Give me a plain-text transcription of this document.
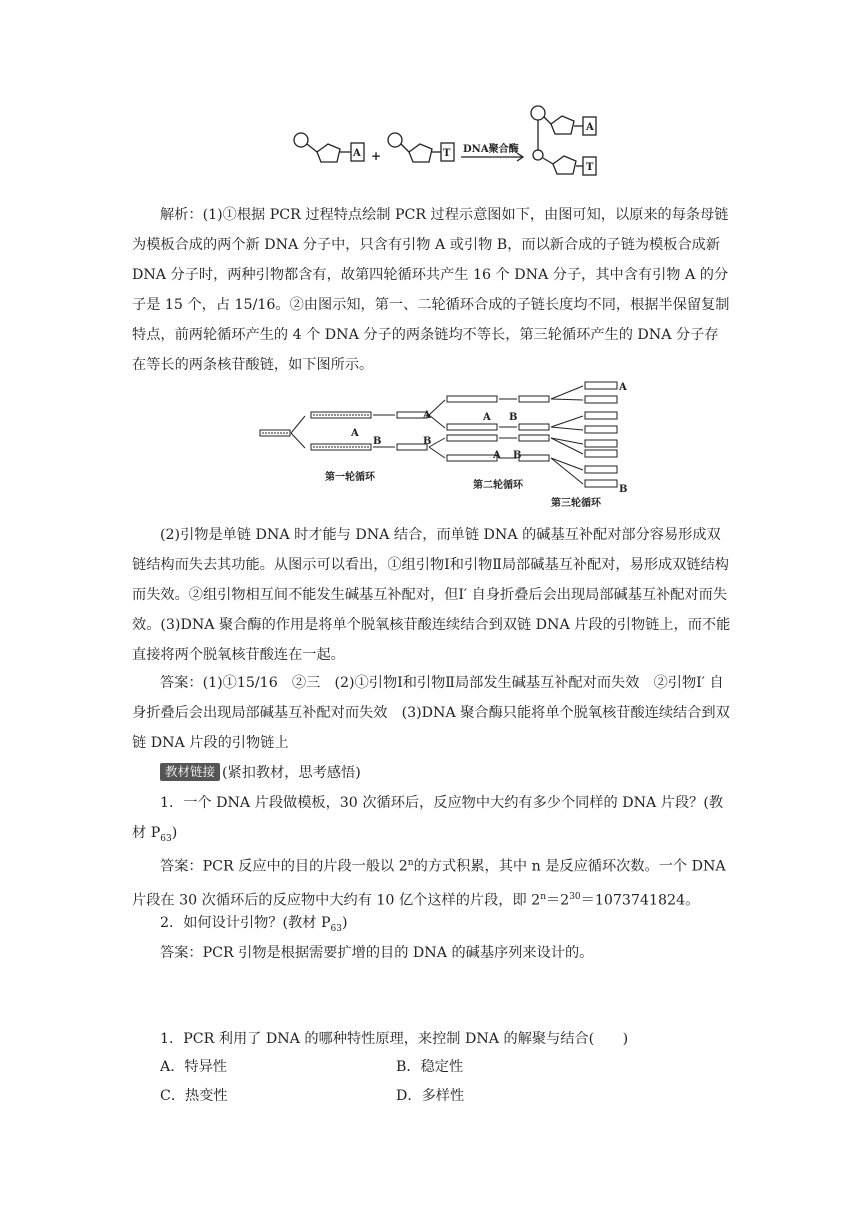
A	T
+	DNA聚合酶
A
T

解析：(1)①根据 PCR 过程特点绘制 PCR 过程示意图如下，由图可知，以原来的每条母链为模板合成的两个新 DNA 分子中，只含有引物 A 或引物 B，而以新合成的子链为模板合成新 DNA 分子时，两种引物都含有，故第四轮循环共产生 16 个 DNA 分子，其中含有引物 A 的分子是 15 个，占 15/16。②由图示知，第一、二轮循环合成的子链长度均不同，根据半保留复制特点，前两轮循环产生的 4 个 DNA 分子的两条链均不等长，第三轮循环产生的 DNA 分子存在等长的两条核苷酸链，如下图所示。

A
B
A
B
A B
A B
A
B
第一轮循环
第二轮循环
第三轮循环

(2)引物是单链 DNA 时才能与 DNA 结合，而单链 DNA 的碱基互补配对部分容易形成双链结构而失去其功能。从图示可以看出，①组引物Ⅰ和引物Ⅱ局部碱基互补配对，易形成双链结构而失效。②组引物相互间不能发生碱基互补配对，但Ⅰ′ 自身折叠后会出现局部碱基互补配对而失效。(3)DNA 聚合酶的作用是将单个脱氧核苷酸连续结合到双链 DNA 片段的引物链上，而不能直接将两个脱氧核苷酸连在一起。

答案：(1)①15/16　②三　(2)①引物Ⅰ和引物Ⅱ局部发生碱基互补配对而失效　②引物Ⅰ′ 自身折叠后会出现局部碱基互补配对而失效　(3)DNA 聚合酶只能将单个脱氧核苷酸连续结合到双链 DNA 片段的引物链上

教材链接 (紧扣教材，思考感悟)

1．一个 DNA 片段做模板，30 次循环后，反应物中大约有多少个同样的 DNA 片段？(教材 $P_{63}$)

答案：PCR 反应中的目的片段一般以 2$^n$的方式积累，其中 n 是反应循环次数。一个 DNA 片段在 30 次循环后的反应物中大约有 10 亿个这样的片段，即 $2^n=2^{30}=1073741824$。

2．如何设计引物？(教材 $P_{63}$)

答案：PCR 引物是根据需要扩增的目的 DNA 的碱基序列来设计的。

1．PCR 利用了 DNA 的哪种特性原理，来控制 DNA 的解聚与结合(　　)

A．特异性	B．稳定性
C．热变性	D．多样性
